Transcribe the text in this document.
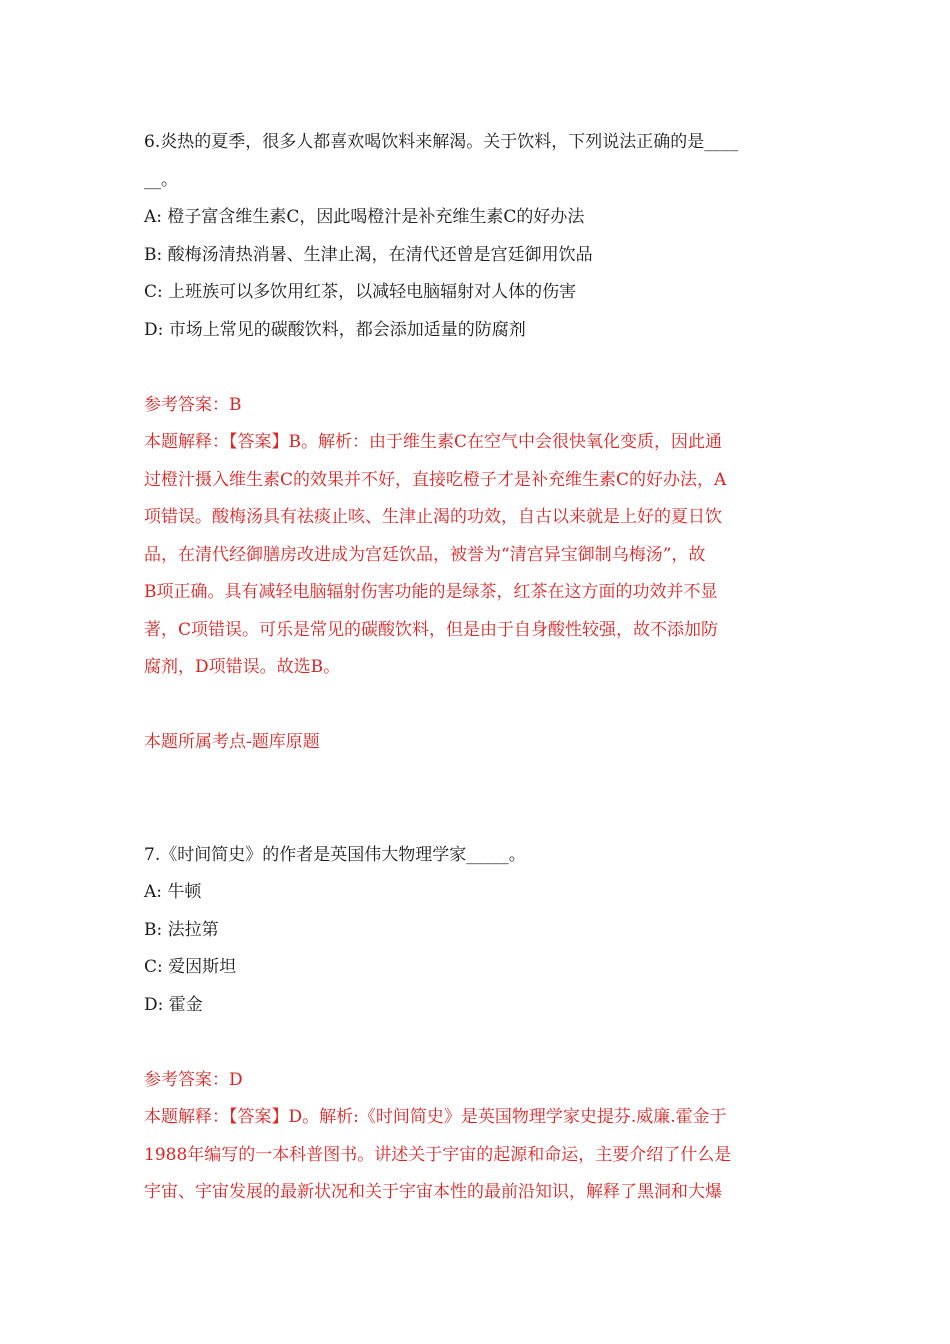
6.炎热的夏季，很多人都喜欢喝饮料来解渴。关于饮料，下列说法正确的是____
__。
A: 橙子富含维生素C，因此喝橙汁是补充维生素C的好办法
B: 酸梅汤清热消暑、生津止渴，在清代还曾是宫廷御用饮品
C: 上班族可以多饮用红茶，以减轻电脑辐射对人体的伤害
D: 市场上常见的碳酸饮料，都会添加适量的防腐剂
参考答案：B
本题解释：【答案】B。解析：由于维生素C在空气中会很快氧化变质，因此通
过橙汁摄入维生素C的效果并不好，直接吃橙子才是补充维生素C的好办法，A
项错误。酸梅汤具有祛痰止咳、生津止渴的功效，自古以来就是上好的夏日饮
品，在清代经御膳房改进成为宫廷饮品，被誉为“清宫异宝御制乌梅汤”，故
B项正确。具有减轻电脑辐射伤害功能的是绿茶，红茶在这方面的功效并不显
著，C项错误。可乐是常见的碳酸饮料，但是由于自身酸性较强，故不添加防
腐剂，D项错误。故选B。
本题所属考点-题库原题
7.《时间简史》的作者是英国伟大物理学家_____。
A: 牛顿
B: 法拉第
C: 爱因斯坦
D: 霍金
参考答案：D
本题解释：【答案】D。解析:《时间简史》是英国物理学家史提芬.威廉.霍金于
1988年编写的一本科普图书。讲述关于宇宙的起源和命运，主要介绍了什么是
宇宙、宇宙发展的最新状况和关于宇宙本性的最前沿知识，解释了黑洞和大爆
